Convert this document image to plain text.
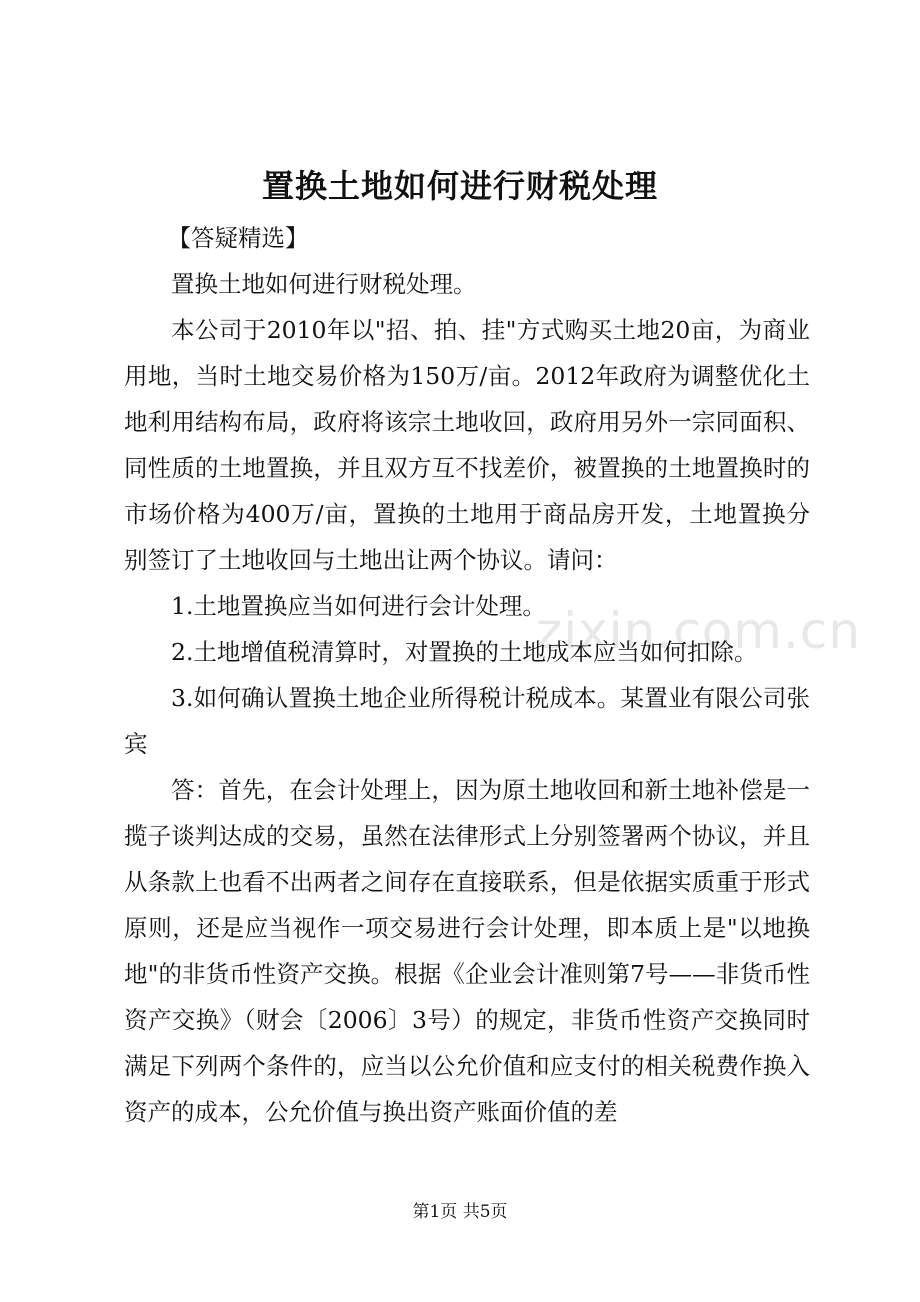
zixin.com.cn
置换土地如何进行财税处理

【答疑精选】

置换土地如何进行财税处理。

本公司于2010年以"招、拍、挂"方式购买土地20亩，为商业用地，当时土地交易价格为150万/亩。2012年政府为调整优化土地利用结构布局，政府将该宗土地收回，政府用另外一宗同面积、同性质的土地置换，并且双方互不找差价，被置换的土地置换时的市场价格为400万/亩，置换的土地用于商品房开发，土地置换分别签订了土地收回与土地出让两个协议。请问：

1.土地置换应当如何进行会计处理。

2.土地增值税清算时，对置换的土地成本应当如何扣除。

3.如何确认置换土地企业所得税计税成本。某置业有限公司张宾

答：首先，在会计处理上，因为原土地收回和新土地补偿是一揽子谈判达成的交易，虽然在法律形式上分别签署两个协议，并且从条款上也看不出两者之间存在直接联系，但是依据实质重于形式原则，还是应当视作一项交易进行会计处理，即本质上是"以地换地"的非货币性资产交换。根据《企业会计准则第7号——非货币性资产交换》（财会〔2006〕3号）的规定，非货币性资产交换同时满足下列两个条件的，应当以公允价值和应支付的相关税费作换入资产的成本，公允价值与换出资产账面价值的差

第1页 共5页
